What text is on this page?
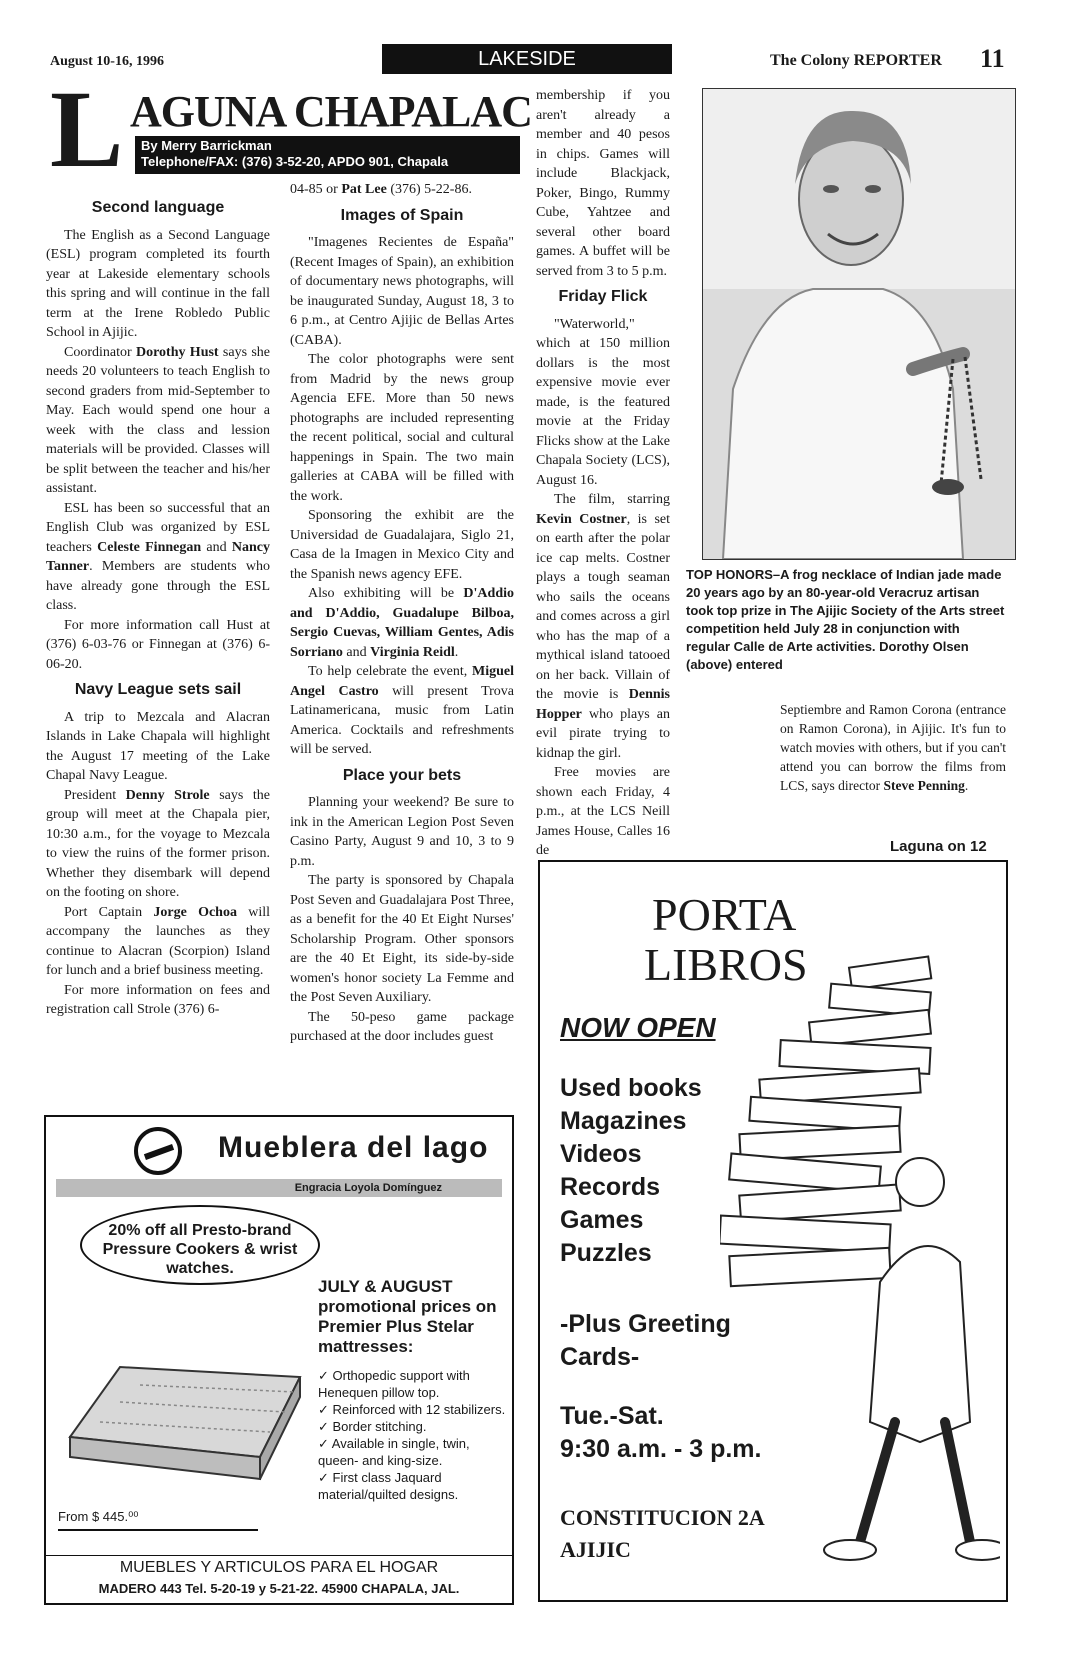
August 10-16, 1996	LAKESIDE	The Colony REPORTER 11
L AGUNA CHAPALAC
By Merry Barrickman
Telephone/FAX: (376) 3-52-20, APDO 901, Chapala
Second language

The English as a Second Language (ESL) program completed its fourth year at Lakeside elementary schools this spring and will continue in the fall term at the Irene Robledo Public School in Ajijic.

Coordinator Dorothy Hust says she needs 20 volunteers to teach English to second graders from mid-September to May. Each would spend one hour a week with the class and lession materials will be provided. Classes will be split between the teacher and his/her assistant.

ESL has been so successful that an English Club was organized by ESL teachers Celeste Finnegan and Nancy Tanner. Members are students who have already gone through the ESL class.

For more information call Hust at (376) 6-03-76 or Finnegan at (376) 6-06-20.

Navy League sets sail

A trip to Mezcala and Alacran Islands in Lake Chapala will highlight the August 17 meeting of the Lake Chapal Navy League.

President Denny Strole says the group will meet at the Chapala pier, 10:30 a.m., for the voyage to Mezcala to view the ruins of the former prison. Whether they disembark will depend on the footing on shore.

Port Captain Jorge Ochoa will accompany the launches as they continue to Alacran (Scorpion) Island for lunch and a brief business meeting.

For more information on fees and registration call Strole (376) 6-

04-85 or Pat Lee (376) 5-22-86.

Images of Spain

"Imagenes Recientes de España" (Recent Images of Spain), an exhibition of documentary news photographs, will be inaugurated Sunday, August 18, 3 to 6 p.m., at Centro Ajijic de Bellas Artes (CABA).

The color photographs were sent from Madrid by the news group Agencia EFE. More than 50 news photographs are included representing the recent political, social and cultural happenings in Spain. The two main galleries at CABA will be filled with the work.

Sponsoring the exhibit are the Universidad de Guadalajara, Siglo 21, Casa de la Imagen in Mexico City and the Spanish news agency EFE.

Also exhibiting will be D'Addio and D'Addio, Guadalupe Bilboa, Sergio Cuevas, William Gentes, Adis Sorriano and Virginia Reidl.

To help celebrate the event, Miguel Angel Castro will present Trova Latinamericana, music from Latin America. Cocktails and refreshments will be served.

Place your bets

Planning your weekend? Be sure to ink in the American Legion Post Seven Casino Party, August 9 and 10, 3 to 9 p.m.

The party is sponsored by Chapala Post Seven and Guadalajara Post Three, as a benefit for the 40 Et Eight Nurses' Scholarship Program. Other sponsors are the 40 Et Eight, its side-by-side women's honor society La Femme and the Post Seven Auxiliary.

The 50-peso game package purchased at the door includes guest

membership if you aren't already a member and 40 pesos in chips. Games will include Blackjack, Poker, Bingo, Rummy Cube, Yahtzee and several other board games. A buffet will be served from 3 to 5 p.m.

Friday Flick

"Waterworld," which at 150 million dollars is the most expensive movie ever made, is the featured movie at the Friday Flicks show at the Lake Chapala Society (LCS), August 16.

The film, starring Kevin Costner, is set on earth after the polar ice cap melts. Costner plays a tough seaman who sails the oceans and comes across a girl who has the map of a mythical island tatooed on her back. Villain of the movie is Dennis Hopper who plays an evil pirate trying to kidnap the girl.

Free movies are shown each Friday, 4 p.m., at the LCS Neill James House, Calles 16 de

Septiembre and Ramon Corona (entrance on Ramon Corona), in Ajijic. It's fun to watch movies with others, but if you can't attend you can borrow the films from LCS, says director Steve Penning.

TOP HONORS–A frog necklace of Indian jade made 20 years ago by an 80-year-old Veracruz artisan took top prize in The Ajijic Society of the Arts street competition held July 28 in conjunction with regular Calle de Arte activities. Dorothy Olsen (above) entered
Laguna on 12
Mueblera del lago
Engracia Loyola Domínguez
20% off all Presto-brand Pressure Cookers & wrist watches.
JULY & AUGUST promotional prices on Premier Plus Stelar mattresses:
✓ Orthopedic support with Henequen pillow top.
✓ Reinforced with 12 stabilizers.
✓ Border stitching.
✓ Available in single, twin, queen- and king-size.
✓ First class Jaquard material/quilted designs.
From $ 445.⁰⁰
MUEBLES Y ARTICULOS PARA EL HOGAR
MADERO 443 Tel. 5-20-19 y 5-21-22. 45900 CHAPALA, JAL.
PORTA
LIBROS
NOW OPEN
Used books
Magazines
Videos
Records
Games
Puzzles
-Plus Greeting
Cards-
Tue.-Sat.
9:30 a.m. - 3 p.m.
CONSTITUCION 2A
AJIJIC
